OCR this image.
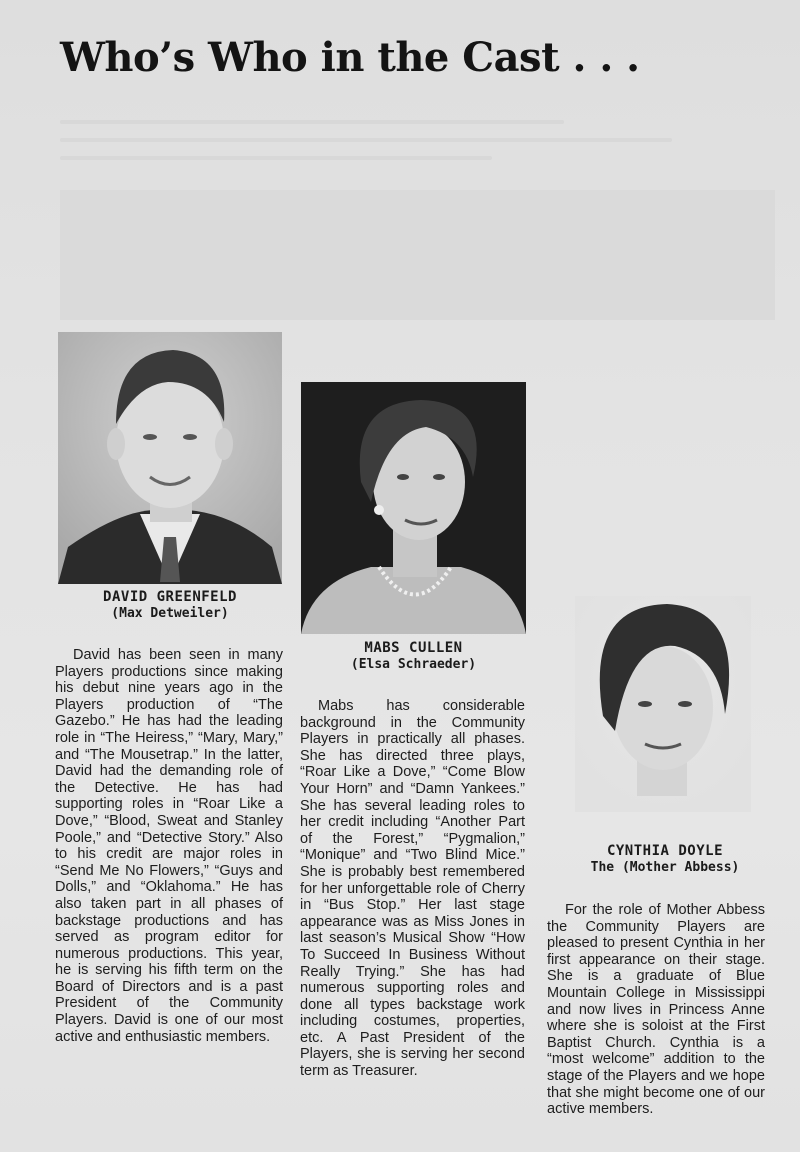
Who’s Who in the Cast . . .
DAVID GREENFELD
(Max Detweiler)

David has been seen in many Players productions since making his debut nine years ago in the Players production of “The Gazebo.” He has had the leading role in “The Heiress,” “Mary, Mary,” and “The Mousetrap.” In the latter, David had the demanding role of the Detective. He has had supporting roles in “Roar Like a Dove,” “Blood, Sweat and Stanley Poole,” and “Detective Story.” Also to his credit are major roles in “Send Me No Flowers,” “Guys and Dolls,” and “Oklahoma.” He has also taken part in all phases of backstage productions and has served as program editor for numerous productions. This year, he is serving his fifth term on the Board of Directors and is a past President of the Community Players. David is one of our most active and enthusiastic members.

MABS CULLEN
(Elsa Schraeder)

Mabs has considerable background in the Community Players in practically all phases. She has directed three plays, “Roar Like a Dove,” “Come Blow Your Horn” and “Damn Yankees.” She has several leading roles to her credit including “Another Part of the Forest,” “Pygmalion,” “Monique” and “Two Blind Mice.” She is probably best remembered for her unforgettable role of Cherry in “Bus Stop.” Her last stage appearance was as Miss Jones in last season’s Musical Show “How To Succeed In Business Without Really Trying.” She has had numerous supporting roles and done all types backstage work including costumes, properties, etc. A Past President of the Players, she is serving her second term as Treasurer.

CYNTHIA DOYLE
The (Mother Abbess)

For the role of Mother Abbess the Community Players are pleased to present Cynthia in her first appearance on their stage. She is a graduate of Blue Mountain College in Mississippi and now lives in Princess Anne where she is soloist at the First Baptist Church. Cynthia is a “most welcome” addition to the stage of the Players and we hope that she might become one of our active members.
